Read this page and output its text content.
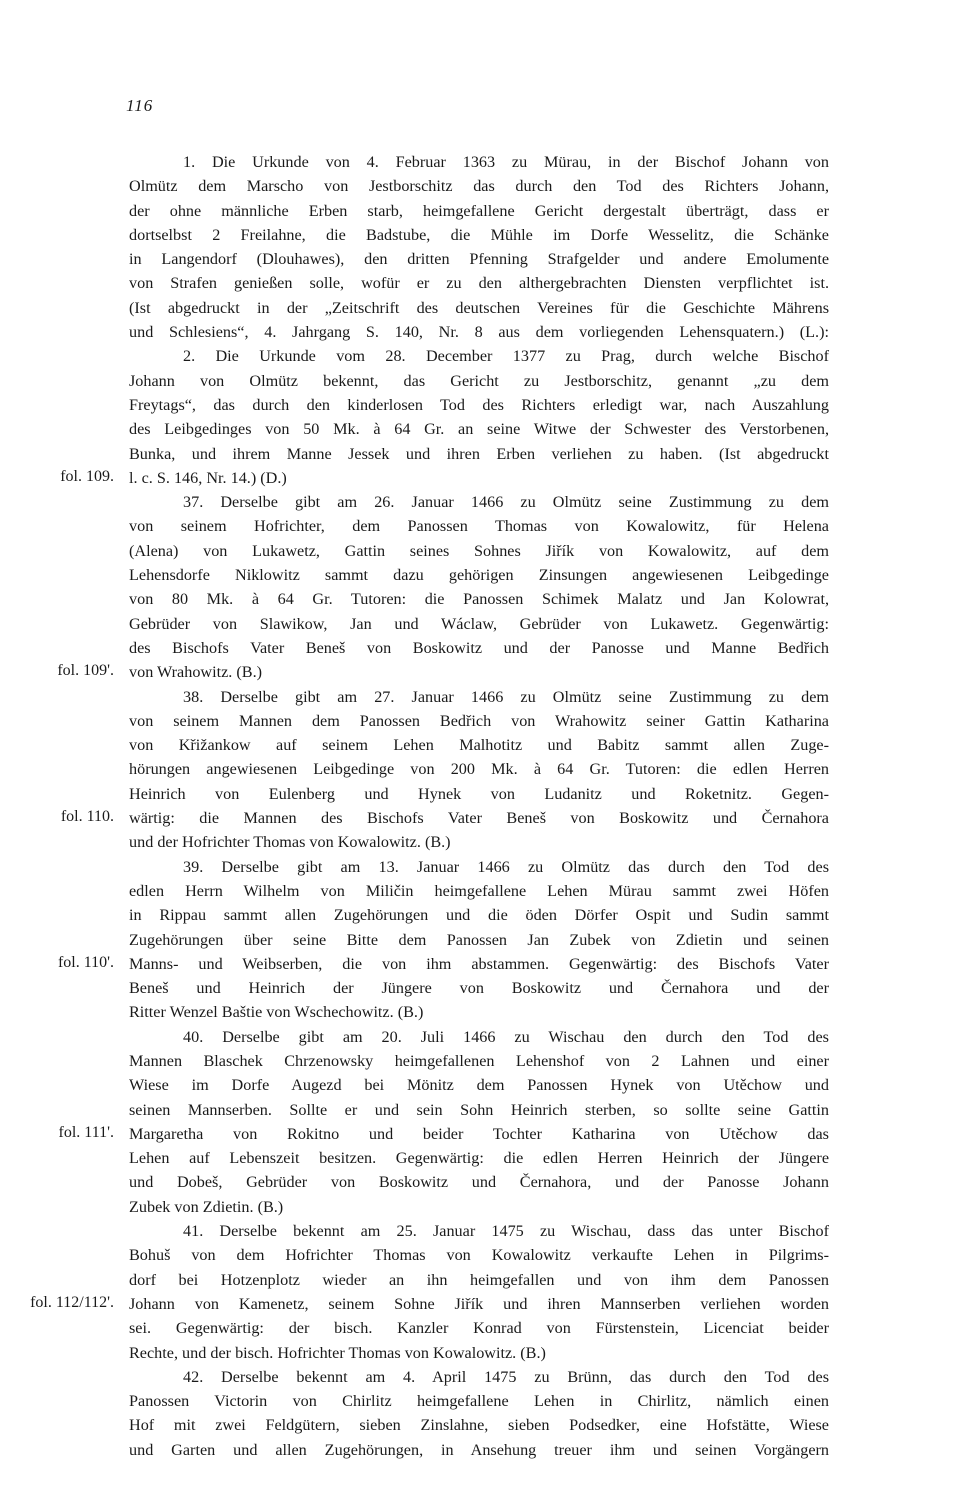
116
1. Die Urkunde von 4. Februar 1363 zu Mürau, in der Bischof Johann von
Olmütz dem Marscho von Jestborschitz das durch den Tod des Richters Johann,
der ohne männliche Erben starb, heimgefallene Gericht dergestalt überträgt, dass er
dortselbst 2 Freilahne, die Badstube, die Mühle im Dorfe Wesselitz, die Schänke
in Langendorf (Dlouhawes), den dritten Pfenning Strafgelder und andere Emolumente
von Strafen genießen solle, wofür er zu den althergebrachten Diensten verpflichtet ist.
(Ist abgedruckt in der „Zeitschrift des deutschen Vereines für die Geschichte Mährens
und Schlesiens“, 4. Jahrgang S. 140, Nr. 8 aus dem vorliegenden Lehensquatern.) (L.):
2. Die Urkunde vom 28. December 1377 zu Prag, durch welche Bischof
Johann von Olmütz bekennt, das Gericht zu Jestborschitz, genannt „zu dem
Freytags“, das durch den kinderlosen Tod des Richters erledigt war, nach Auszahlung
des Leibgedinges von 50 Mk. à 64 Gr. an seine Witwe der Schwester des Verstorbenen,
Bunka, und ihrem Manne Jessek und ihren Erben verliehen zu haben. (Ist abgedruckt
l. c. S. 146, Nr. 14.) (D.)
37. Derselbe gibt am 26. Januar 1466 zu Olmütz seine Zustimmung zu dem
von seinem Hofrichter, dem Panossen Thomas von Kowalowitz, für Helena
(Alena) von Lukawetz, Gattin seines Sohnes Jiřík von Kowalowitz, auf dem
Lehensdorfe Niklowitz sammt dazu gehörigen Zinsungen angewiesenen Leibgedinge
von 80 Mk. à 64 Gr. Tutoren: die Panossen Schimek Malatz und Jan Kolowrat,
Gebrüder von Slawikow, Jan und Wáclaw, Gebrüder von Lukawetz. Gegenwärtig:
des Bischofs Vater Beneš von Boskowitz und der Panosse und Manne Bedřich
von Wrahowitz. (B.)
38. Derselbe gibt am 27. Januar 1466 zu Olmütz seine Zustimmung zu dem
von seinem Mannen dem Panossen Bedřich von Wrahowitz seiner Gattin Katharina
von Křižankow auf seinem Lehen Malhotitz und Babitz sammt allen Zuge-
hörungen angewiesenen Leibgedinge von 200 Mk. à 64 Gr. Tutoren: die edlen Herren
Heinrich von Eulenberg und Hynek von Ludanitz und Roketnitz. Gegen-
wärtig: die Mannen des Bischofs Vater Beneš von Boskowitz und Černahora
und der Hofrichter Thomas von Kowalowitz. (B.)
39. Derselbe gibt am 13. Januar 1466 zu Olmütz das durch den Tod des
edlen Herrn Wilhelm von Miličin heimgefallene Lehen Mürau sammt zwei Höfen
in Rippau sammt allen Zugehörungen und die öden Dörfer Ospit und Sudin sammt
Zugehörungen über seine Bitte dem Panossen Jan Zubek von Zdietin und seinen
Manns- und Weibserben, die von ihm abstammen. Gegenwärtig: des Bischofs Vater
Beneš und Heinrich der Jüngere von Boskowitz und Černahora und der
Ritter Wenzel Baštie von Wschechowitz. (B.)
40. Derselbe gibt am 20. Juli 1466 zu Wischau den durch den Tod des
Mannen Blaschek Chrzenowsky heimgefallenen Lehenshof von 2 Lahnen und einer
Wiese im Dorfe Augezd bei Mönitz dem Panossen Hynek von Utěchow und
seinen Mannserben. Sollte er und sein Sohn Heinrich sterben, so sollte seine Gattin
Margaretha von Rokitno und beider Tochter Katharina von Utěchow das
Lehen auf Lebenszeit besitzen. Gegenwärtig: die edlen Herren Heinrich der Jüngere
und Dobeš, Gebrüder von Boskowitz und Černahora, und der Panosse Johann
Zubek von Zdietin. (B.)
41. Derselbe bekennt am 25. Januar 1475 zu Wischau, dass das unter Bischof
Bohuš von dem Hofrichter Thomas von Kowalowitz verkaufte Lehen in Pilgrims-
dorf bei Hotzenplotz wieder an ihn heimgefallen und von ihm dem Panossen
Johann von Kamenetz, seinem Sohne Jiřík und ihren Mannserben verliehen worden
sei. Gegenwärtig: der bisch. Kanzler Konrad von Fürstenstein, Licenciat beider
Rechte, und der bisch. Hofrichter Thomas von Kowalowitz. (B.)
42. Derselbe bekennt am 4. April 1475 zu Brünn, das durch den Tod des
Panossen Victorin von Chirlitz heimgefallene Lehen in Chirlitz, nämlich einen
Hof mit zwei Feldgütern, sieben Zinslahne, sieben Podsedker, eine Hofstätte, Wiese
und Garten und allen Zugehörungen, in Ansehung treuer ihm und seinen Vorgängern
fol. 109.
fol. 109'.
fol. 110.
fol. 110'.
fol. 111'.
fol. 112/112'.
